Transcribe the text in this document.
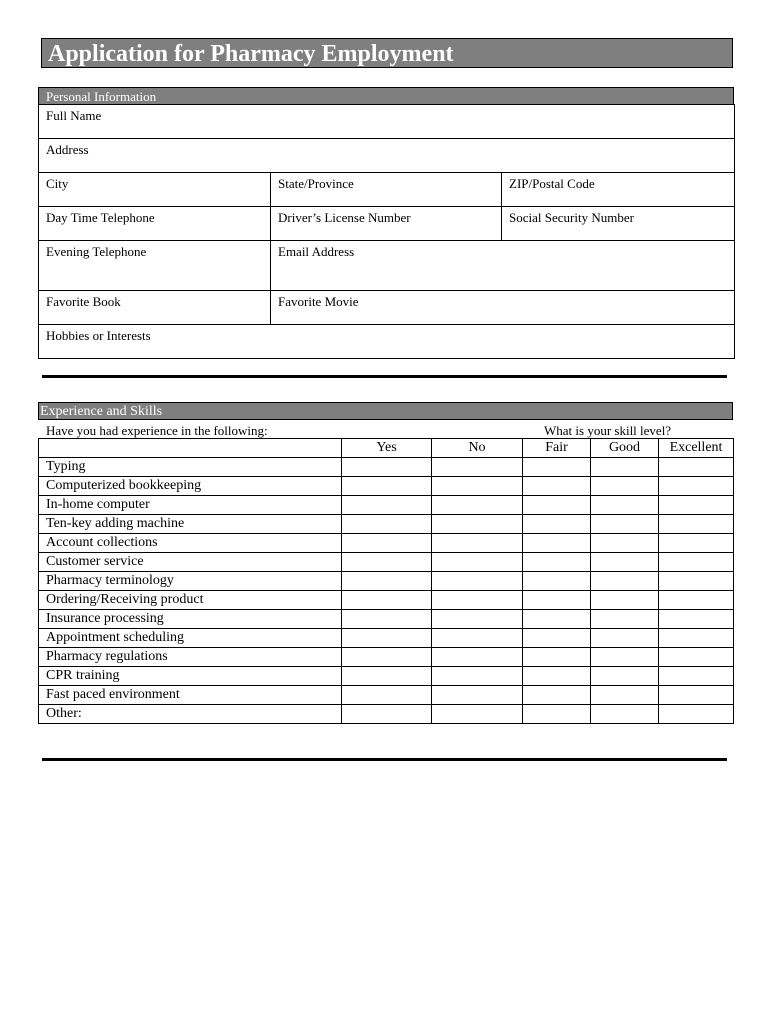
Application for Pharmacy Employment
Personal Information
Full Name		
Address		
City	State/Province	ZIP/Postal Code
Day Time Telephone	Driver’s License Number	Social Security Number
Evening Telephone	Email Address	
Favorite Book	Favorite Movie	
Hobbies or Interests		
Experience and Skills
Have you had experience in the following:	What is your skill level?
	Yes	No	Fair	Good	Excellent
Typing					
Computerized bookkeeping					
In-home computer					
Ten-key adding machine					
Account collections					
Customer service					
Pharmacy terminology					
Ordering/Receiving product					
Insurance processing					
Appointment scheduling					
Pharmacy regulations					
CPR training					
Fast paced environment					
Other:					
